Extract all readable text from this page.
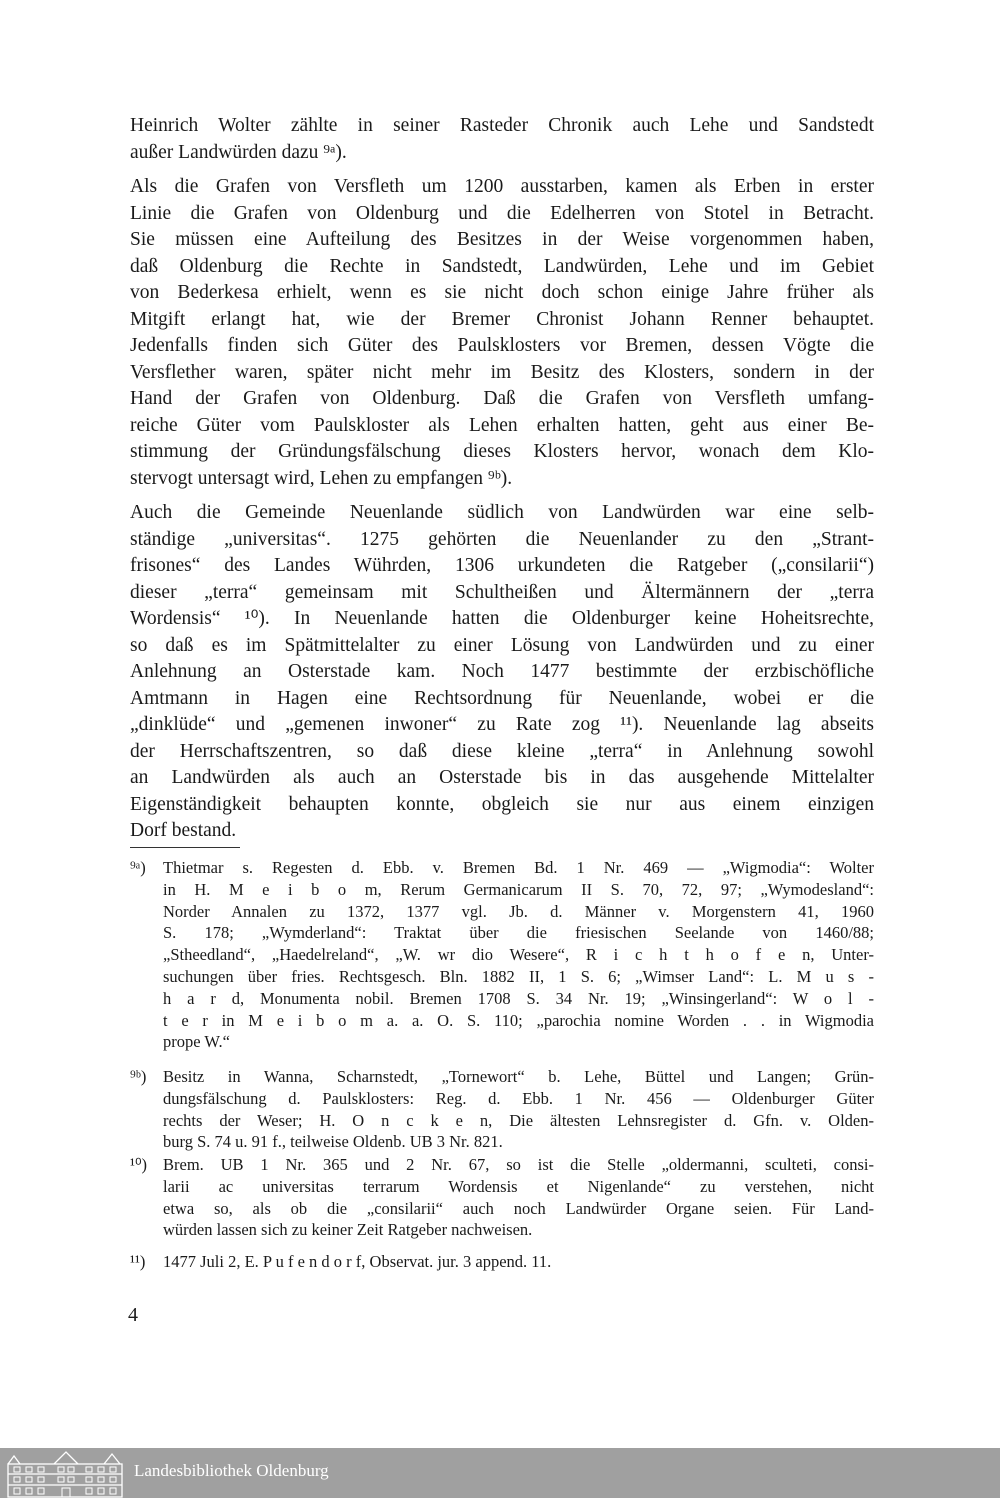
Heinrich Wolter zählte in seiner Rasteder Chronik auch Lehe und Sandstedt
außer Landwürden dazu ⁹ᵃ).
Als die Grafen von Versfleth um 1200 ausstarben, kamen als Erben in erster
Linie die Grafen von Oldenburg und die Edelherren von Stotel in Betracht.
Sie müssen eine Aufteilung des Besitzes in der Weise vorgenommen haben,
daß Oldenburg die Rechte in Sandstedt, Landwürden, Lehe und im Gebiet
von Bederkesa erhielt, wenn es sie nicht doch schon einige Jahre früher als
Mitgift erlangt hat, wie der Bremer Chronist Johann Renner behauptet.
Jedenfalls finden sich Güter des Paulsklosters vor Bremen, dessen Vögte die
Versflether waren, später nicht mehr im Besitz des Klosters, sondern in der
Hand der Grafen von Oldenburg. Daß die Grafen von Versfleth umfang-
reiche Güter vom Paulskloster als Lehen erhalten hatten, geht aus einer Be-
stimmung der Gründungsfälschung dieses Klosters hervor, wonach dem Klo-
stervogt untersagt wird, Lehen zu empfangen ⁹ᵇ).
Auch die Gemeinde Neuenlande südlich von Landwürden war eine selb-
ständige „universitas“. 1275 gehörten die Neuenlander zu den „Strant-
frisones“ des Landes Wührden, 1306 urkundeten die Ratgeber („consilarii“)
dieser „terra“ gemeinsam mit Schultheißen und Ältermännern der „terra
Wordensis“ ¹⁰). In Neuenlande hatten die Oldenburger keine Hoheitsrechte,
so daß es im Spätmittelalter zu einer Lösung von Landwürden und zu einer
Anlehnung an Osterstade kam. Noch 1477 bestimmte der erzbischöfliche
Amtmann in Hagen eine Rechtsordnung für Neuenlande, wobei er die
„dinklüde“ und „gemenen inwoner“ zu Rate zog ¹¹). Neuenlande lag abseits
der Herrschaftszentren, so daß diese kleine „terra“ in Anlehnung sowohl
an Landwürden als auch an Osterstade bis in das ausgehende Mittelalter
Eigenständigkeit behaupten konnte, obgleich sie nur aus einem einzigen
Dorf bestand.
⁹ᵃ)	Thietmar s. Regesten d. Ebb. v. Bremen Bd. 1 Nr. 469 — „Wigmodia“: Wolter
in H. M e i b o m, Rerum Germanicarum II S. 70, 72, 97; „Wymodesland“:
Norder Annalen zu 1372, 1377 vgl. Jb. d. Männer v. Morgenstern 41, 1960
S. 178; „Wymderland“: Traktat über die friesischen Seelande von 1460/88;
„Stheedland“, „Haedelreland“, „W. wr dio Wesere“, R i c h t h o f e n, Unter-
suchungen über fries. Rechtsgesch. Bln. 1882 II, 1 S. 6; „Wimser Land“: L. M u s -
h a r d, Monumenta nobil. Bremen 1708 S. 34 Nr. 19; „Winsingerland“: W o l -
t e r in M e i b o m a. a. O. S. 110; „parochia nomine Worden . . in Wigmodia
prope W.“
⁹ᵇ)	Besitz in Wanna, Scharnstedt, „Tornewort“ b. Lehe, Büttel und Langen; Grün-
dungsfälschung d. Paulsklosters: Reg. d. Ebb. 1 Nr. 456 — Oldenburger Güter
rechts der Weser; H. O n c k e n, Die ältesten Lehnsregister d. Gfn. v. Olden-
burg S. 74 u. 91 f., teilweise Oldenb. UB 3 Nr. 821.
¹⁰) Brem. UB 1 Nr. 365 und 2 Nr. 67, so ist die Stelle „oldermanni, sculteti, consi-
larii ac universitas terrarum Wordensis et Nigenlande“ zu verstehen, nicht
etwa so, als ob die „consilarii“ auch noch Landwürder Organe seien. Für Land-
würden lassen sich zu keiner Zeit Ratgeber nachweisen.
¹¹)	1477 Juli 2, E. P u f e n d o r f, Observat. jur. 3 append. 11.
4
Landesbibliothek Oldenburg
